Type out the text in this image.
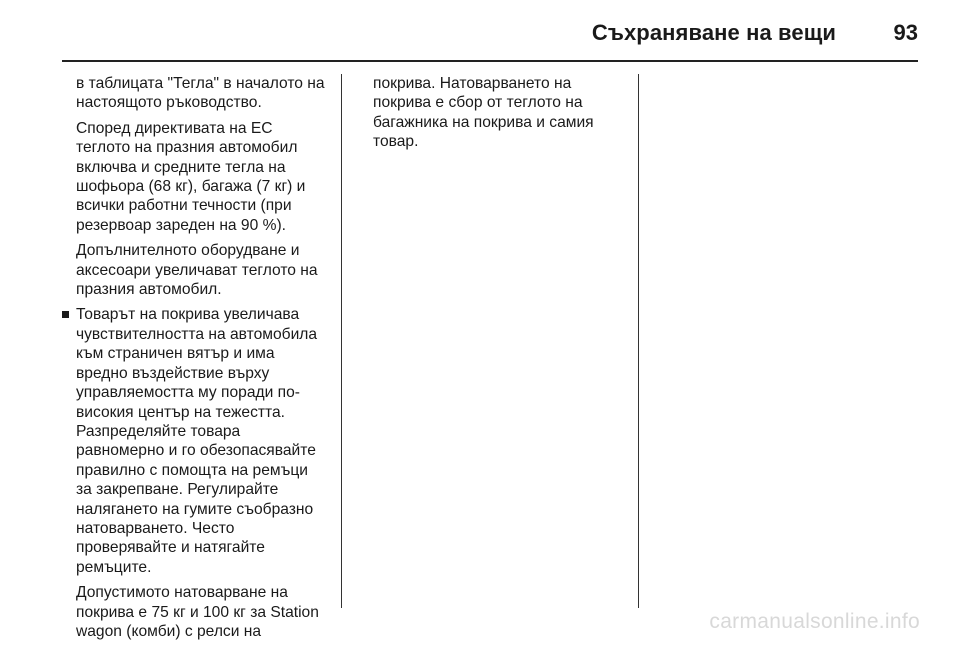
Съхраняване на вещи	93

в таблицата "Тегла" в началото на настоящото ръководство.

Според директивата на ЕС теглото на празния автомобил включва и средните тегла на шофьора (68 кг), багажа (7 кг) и всички работни течности (при резервоар зареден на 90 %).

Допълнителното оборудване и аксесоари увеличават теглото на празния автомобил.

Товарът на покрива увеличава чувствителността на автомобила към страничен вятър и има вредно въздействие върху управляемостта му поради по-високия център на тежестта. Разпределяйте товара равномерно и го обезопасявайте правилно с помощта на ремъци за закрепване. Регулирайте наляганeто на гумите съобразно натоварването. Често проверявайте и натягайте ремъците.

Допустимото натоварване на покрива е 75 кг и 100 кг за Station wagon (комби) с релси на

покрива. Натоварването на покрива е сбор от теглото на багажника на покрива и самия товар.

carmanualsonline.info
